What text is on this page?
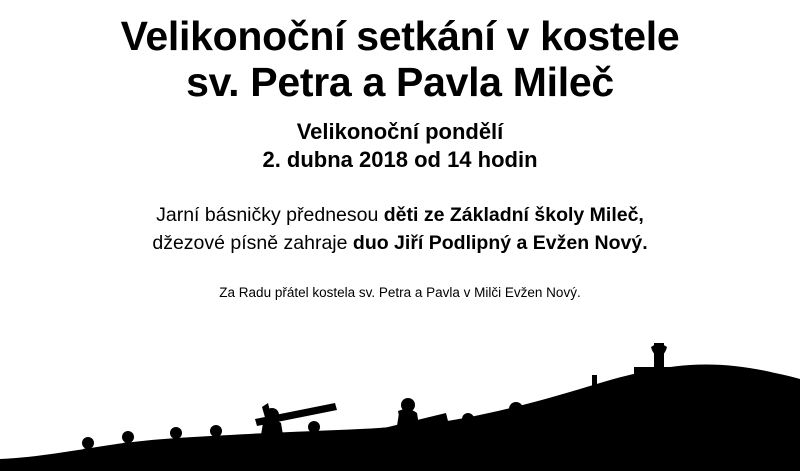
Velikonoční setkání v kostele
sv. Petra a Pavla Mileč
Velikonoční pondělí
2. dubna 2018 od 14 hodin
Jarní básničky přednesou děti ze Základní školy Mileč,
džezové písně zahraje duo Jiří Podlipný a Evžen Nový.
Za Radu přátel kostela sv. Petra a Pavla v Milči Evžen Nový.
